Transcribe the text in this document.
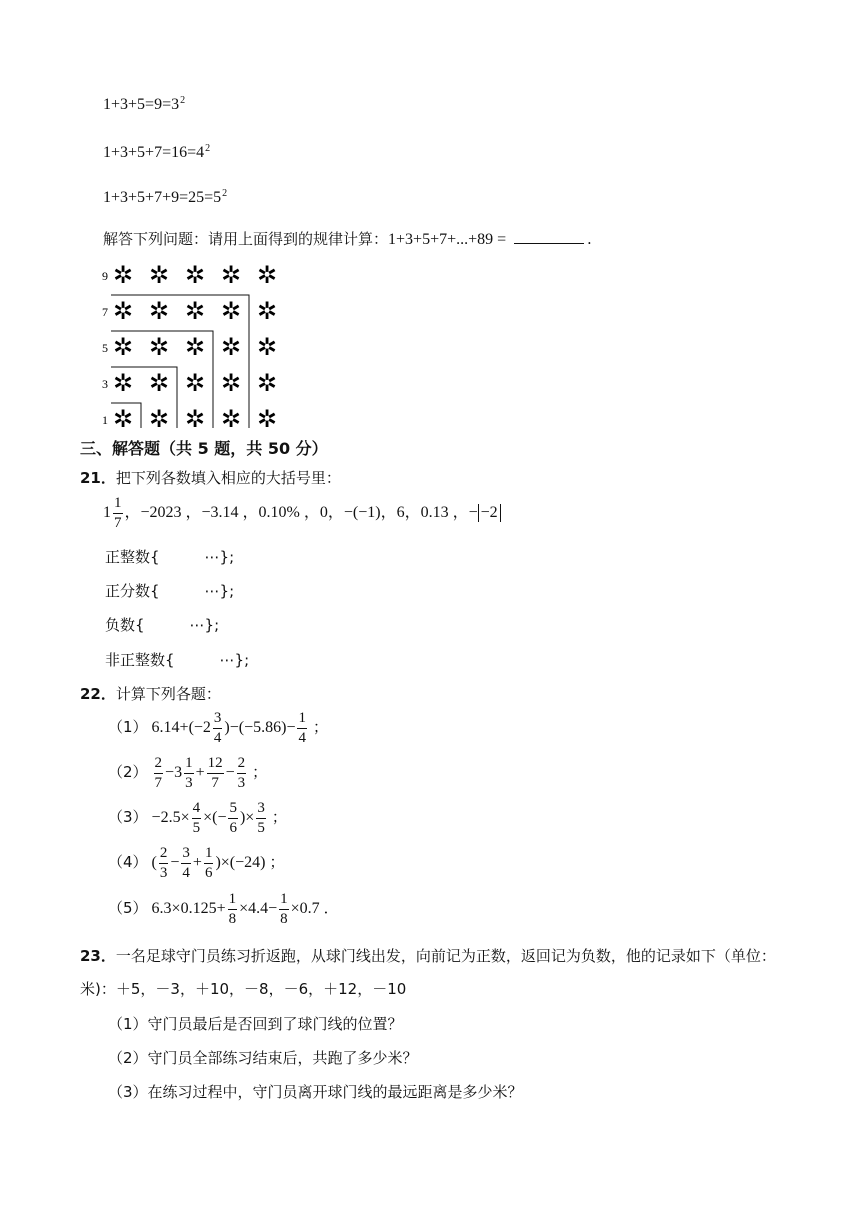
$1+3+5=9=3^2$
$1+3+5+7=16=4^2$
$1+3+5+7+9=25=5^2$
解答下列问题：请用上面得到的规律计算：1+3+5+7+...+89 =	.
9
7
5
3
1
✲ ✲ ✲ ✲ ✲
✲ ✲ ✲ ✲ ✲
✲ ✲ ✲ ✲ ✲
✲ ✲ ✲ ✲ ✲
✲ ✲ ✲ ✲ ✲
三、解答题（共 5 题，共 50 分）
21．把下列各数填入相应的大括号里：
$1 \frac{1}{7}$ ，−2023 ，−3.14 ，0.10% ，0，−(−1)，6，0.13 ，− −2
正整数{　　　⋯};
正分数{　　　⋯};
负数{　　　⋯};
非正整数{　　　⋯};
22．计算下列各题：
（1） $6.14+(-2 \frac{3}{4} )-(-5.86)- \frac{1}{4}$ ；
$(2) \frac{2}{7} -3 \frac{1}{3} + \frac{12}{7} - \frac{2}{3}$ ；
$(3) -2.5\times \frac{4}{5}$ ×(− $\frac{5}{6}$ )× $\frac{3}{5}$ ；
（4） ( $\frac{2}{3} - \frac{3}{4} + \frac{1}{6} )\times(-24)$ ；
（5） $6.3\times 0.125+ \frac{1}{8} \times 4.4- \frac{1}{8} \times 0.7$ ．
23．一名足球守门员练习折返跑，从球门线出发，向前记为正数，返回记为负数，他的记录如下（单位：
米)：＋5，－3，＋10，－8，－6，＋12，－10
（1）守门员最后是否回到了球门线的位置？
（2）守门员全部练习结束后，共跑了多少米？
（3）在练习过程中，守门员离开球门线的最远距离是多少米？
